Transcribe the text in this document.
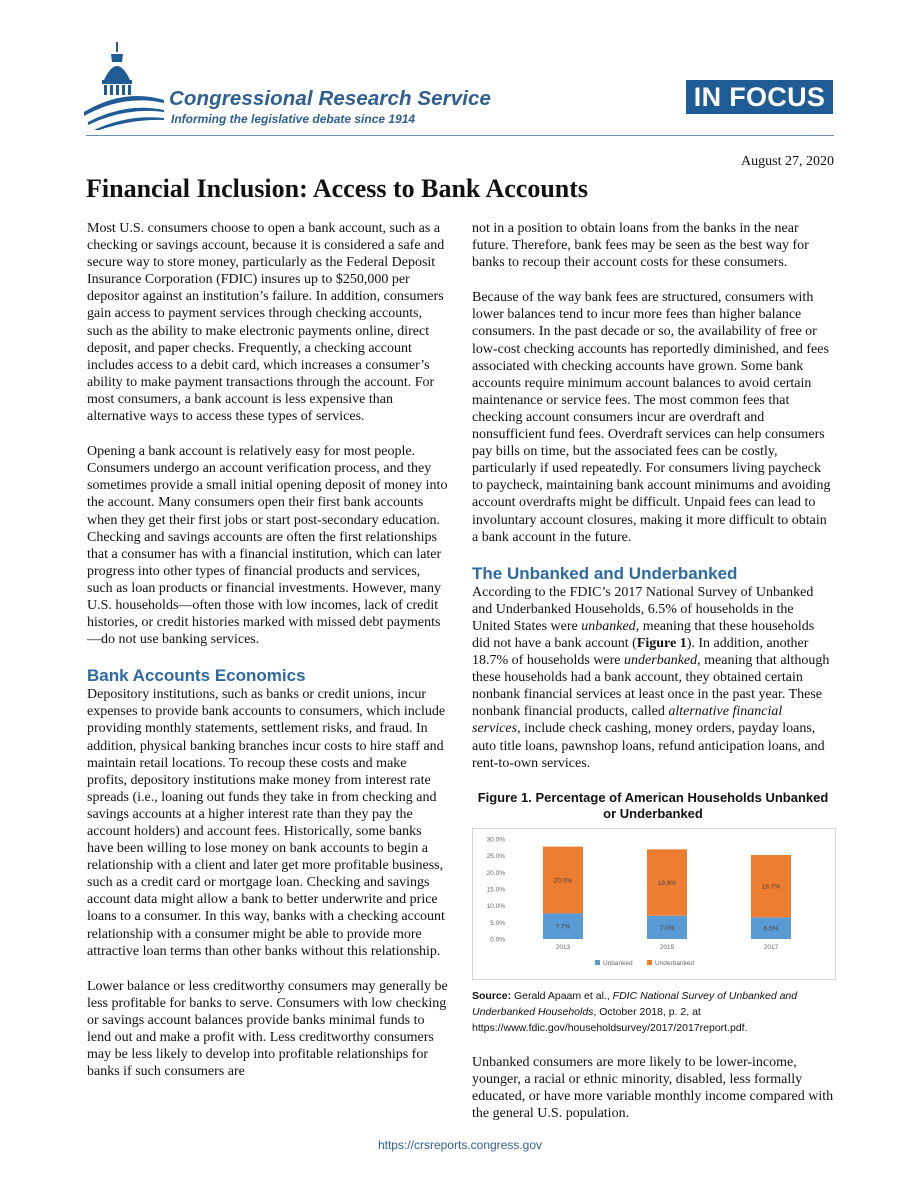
Congressional Research Service
Informing the legislative debate since 1914
IN FOCUS
August 27, 2020
Financial Inclusion: Access to Bank Accounts

Most U.S. consumers choose to open a bank account, such as a checking or savings account, because it is considered a safe and secure way to store money, particularly as the Federal Deposit Insurance Corporation (FDIC) insures up to $250,000 per depositor against an institution’s failure. In addition, consumers gain access to payment services through checking accounts, such as the ability to make electronic payments online, direct deposit, and paper checks. Frequently, a checking account includes access to a debit card, which increases a consumer’s ability to make payment transactions through the account. For most consumers, a bank account is less expensive than alternative ways to access these types of services.

Opening a bank account is relatively easy for most people. Consumers undergo an account verification process, and they sometimes provide a small initial opening deposit of money into the account. Many consumers open their first bank accounts when they get their first jobs or start post-secondary education. Checking and savings accounts are often the first relationships that a consumer has with a financial institution, which can later progress into other types of financial products and services, such as loan products or financial investments. However, many U.S. households—often those with low incomes, lack of credit histories, or credit histories marked with missed debt payments—do not use banking services.

Bank Accounts Economics

Depository institutions, such as banks or credit unions, incur expenses to provide bank accounts to consumers, which include providing monthly statements, settlement risks, and fraud. In addition, physical banking branches incur costs to hire staff and maintain retail locations. To recoup these costs and make profits, depository institutions make money from interest rate spreads (i.e., loaning out funds they take in from checking and savings accounts at a higher interest rate than they pay the account holders) and account fees. Historically, some banks have been willing to lose money on bank accounts to begin a relationship with a client and later get more profitable business, such as a credit card or mortgage loan. Checking and savings account data might allow a bank to better underwrite and price loans to a consumer. In this way, banks with a checking account relationship with a consumer might be able to provide more attractive loan terms than other banks without this relationship.

Lower balance or less creditworthy consumers may generally be less profitable for banks to serve. Consumers with low checking or savings account balances provide banks minimal funds to lend out and make a profit with. Less creditworthy consumers may be less likely to develop into profitable relationships for banks if such consumers are

not in a position to obtain loans from the banks in the near future. Therefore, bank fees may be seen as the best way for banks to recoup their account costs for these consumers.

Because of the way bank fees are structured, consumers with lower balances tend to incur more fees than higher balance consumers. In the past decade or so, the availability of free or low-cost checking accounts has reportedly diminished, and fees associated with checking accounts have grown. Some bank accounts require minimum account balances to avoid certain maintenance or service fees. The most common fees that checking account consumers incur are overdraft and nonsufficient fund fees. Overdraft services can help consumers pay bills on time, but the associated fees can be costly, particularly if used repeatedly. For consumers living paycheck to paycheck, maintaining bank account minimums and avoiding account overdrafts might be difficult. Unpaid fees can lead to involuntary account closures, making it more difficult to obtain a bank account in the future.

The Unbanked and Underbanked

According to the FDIC’s 2017 National Survey of Unbanked and Underbanked Households, 6.5% of households in the United States were unbanked, meaning that these households did not have a bank account (Figure 1). In addition, another 18.7% of households were underbanked, meaning that although these households had a bank account, they obtained certain nonbank financial services at least once in the past year. These nonbank financial products, called alternative financial services, include check cashing, money orders, payday loans, auto title loans, pawnshop loans, refund anticipation loans, and rent-to-own services.

Figure 1. Percentage of American Households Unbanked or Underbanked
0.0%
5.0%
10.0%
15.0%
20.0%
25.0%
30.0%
7.7%
20.0%
2013
7.0%
19.9%
2015
6.5%
18.7%
2017
Unbanked	Underbanked
Source: Gerald Apaam et al., FDIC National Survey of Unbanked and Underbanked Households, October 2018, p. 2, at https://www.fdic.gov/householdsurvey/2017/2017report.pdf.

Unbanked consumers are more likely to be lower-income, younger, a racial or ethnic minority, disabled, less formally educated, or have more variable monthly income compared with the general U.S. population.

https://crsreports.congress.gov
